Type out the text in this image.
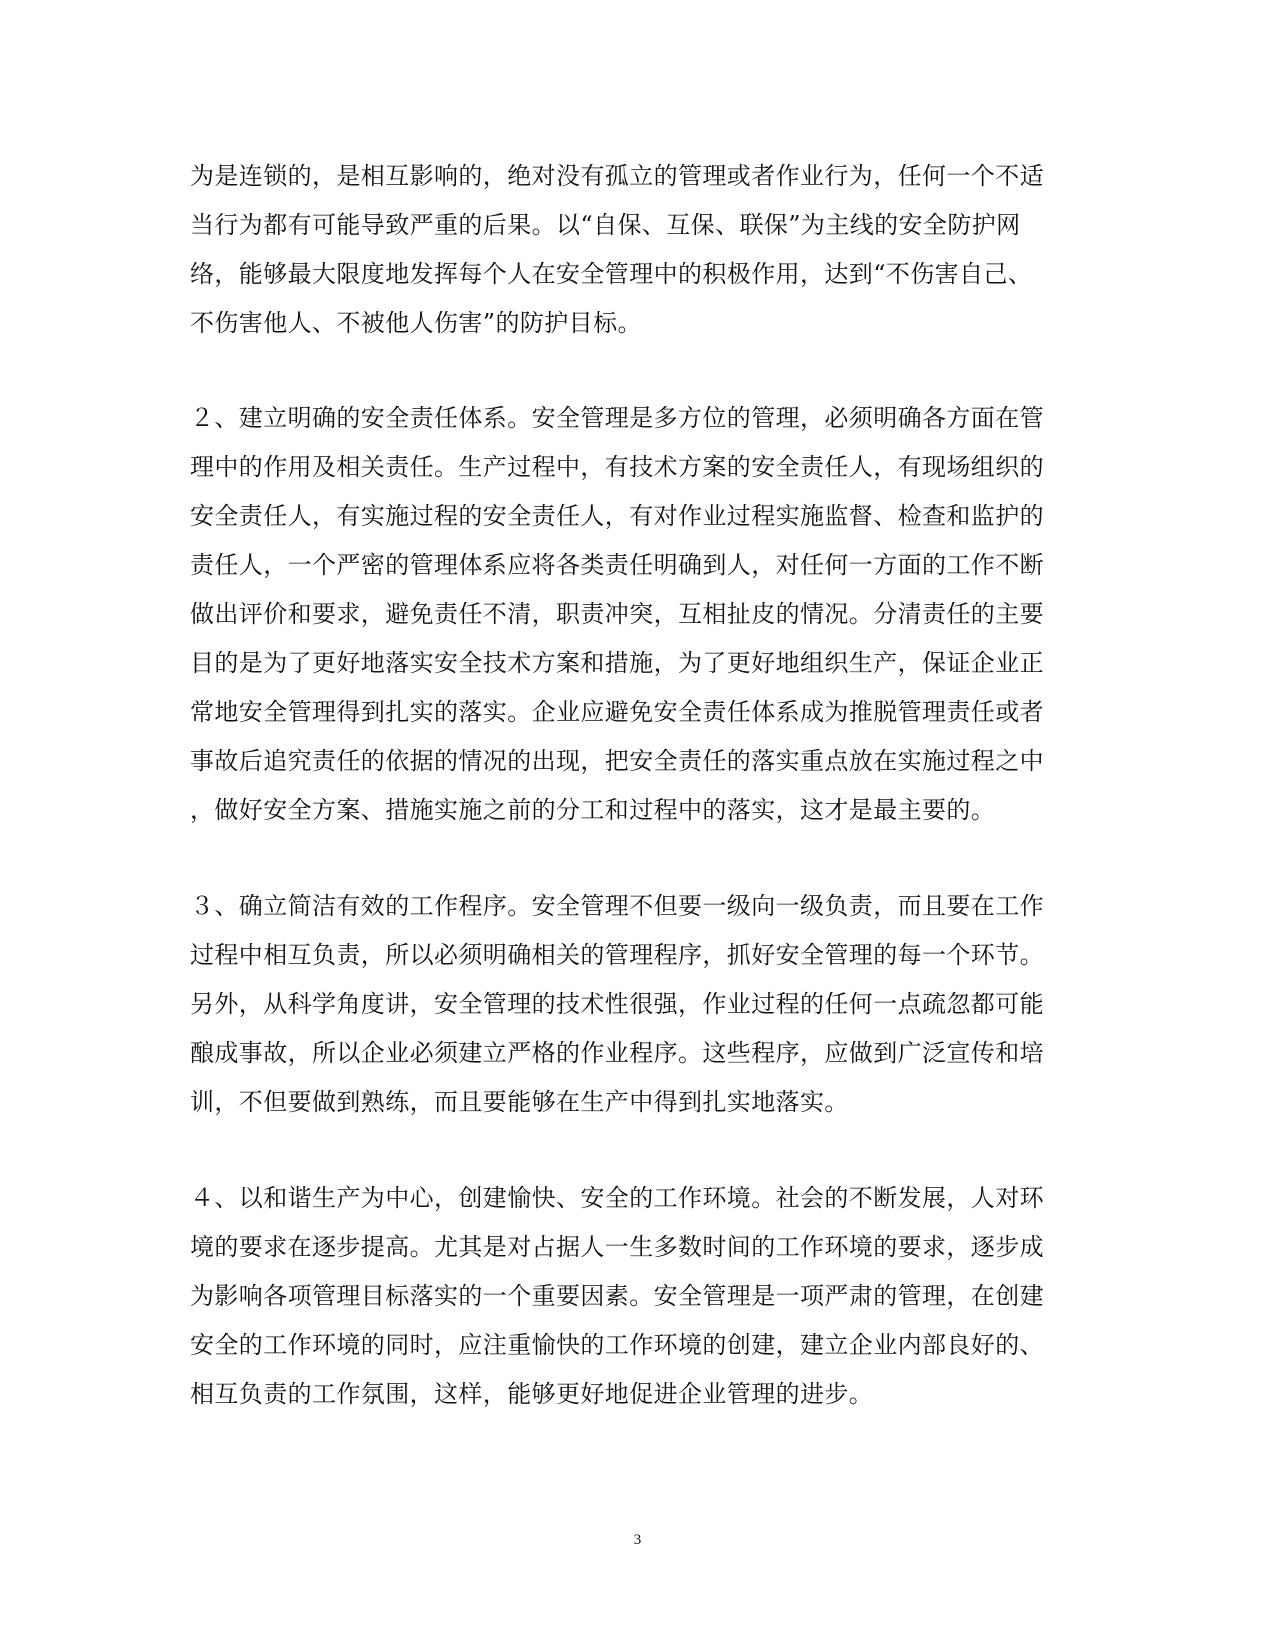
为是连锁的，是相互影响的，绝对没有孤立的管理或者作业行为，任何一个不适
当行为都有可能导致严重的后果。以“自保、互保、联保”为主线的安全防护网
络，能够最大限度地发挥每个人在安全管理中的积极作用，达到“不伤害自己、
不伤害他人、不被他人伤害”的防护目标。
２、建立明确的安全责任体系。安全管理是多方位的管理，必须明确各方面在管
理中的作用及相关责任。生产过程中，有技术方案的安全责任人，有现场组织的
安全责任人，有实施过程的安全责任人，有对作业过程实施监督、检查和监护的
责任人，一个严密的管理体系应将各类责任明确到人，对任何一方面的工作不断
做出评价和要求，避免责任不清，职责冲突，互相扯皮的情况。分清责任的主要
目的是为了更好地落实安全技术方案和措施，为了更好地组织生产，保证企业正
常地安全管理得到扎实的落实。企业应避免安全责任体系成为推脱管理责任或者
事故后追究责任的依据的情况的出现，把安全责任的落实重点放在实施过程之中
，做好安全方案、措施实施之前的分工和过程中的落实，这才是最主要的。
３、确立简洁有效的工作程序。安全管理不但要一级向一级负责，而且要在工作
过程中相互负责，所以必须明确相关的管理程序，抓好安全管理的每一个环节。
另外，从科学角度讲，安全管理的技术性很强，作业过程的任何一点疏忽都可能
酿成事故，所以企业必须建立严格的作业程序。这些程序，应做到广泛宣传和培
训，不但要做到熟练，而且要能够在生产中得到扎实地落实。
４、以和谐生产为中心，创建愉快、安全的工作环境。社会的不断发展，人对环
境的要求在逐步提高。尤其是对占据人一生多数时间的工作环境的要求，逐步成
为影响各项管理目标落实的一个重要因素。安全管理是一项严肃的管理，在创建
安全的工作环境的同时，应注重愉快的工作环境的创建，建立企业内部良好的、
相互负责的工作氛围，这样，能够更好地促进企业管理的进步。
3
